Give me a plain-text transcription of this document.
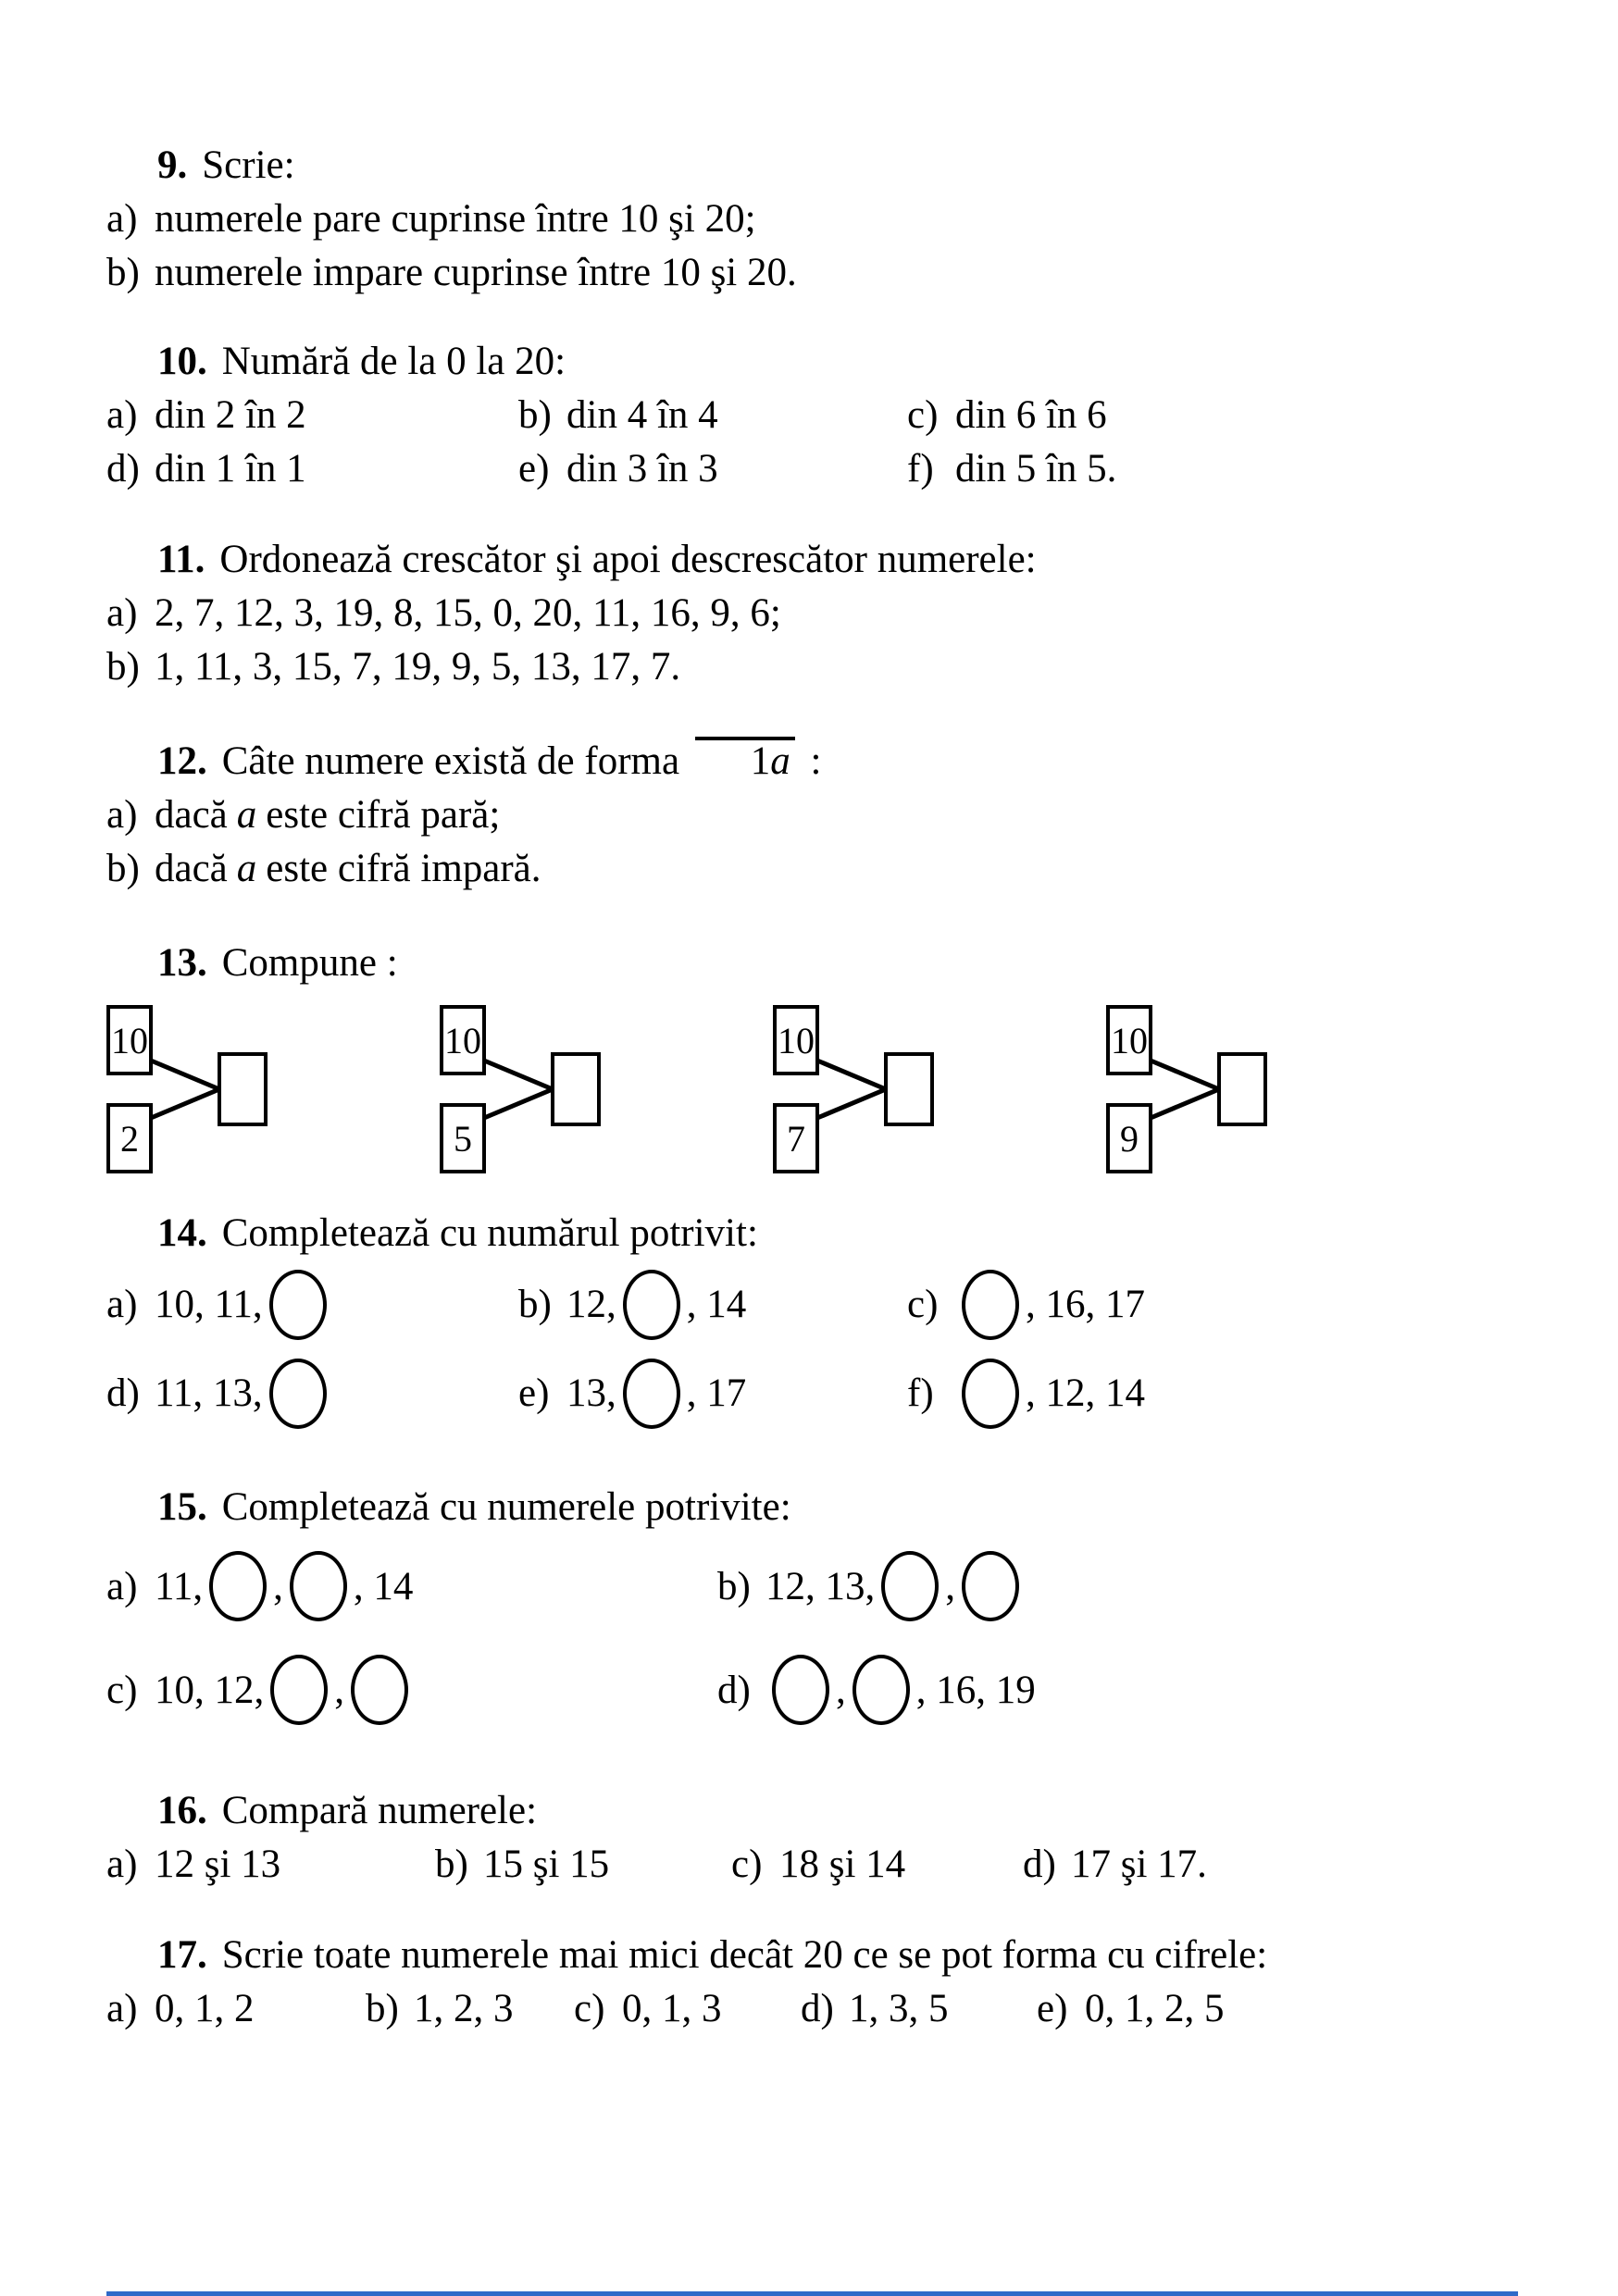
9. Scrie:
a) numerele pare cuprinse între 10 şi 20;
b) numerele impare cuprinse între 10 şi 20.
10. Numără de la 0 la 20:
a) din 2 în 2	b) din 4 în 4	c) din 6 în 6
d) din 1 în 1	e) din 3 în 3	f) din 5 în 5.
11. Ordonează crescător şi apoi descrescător numerele:
a) 2, 7, 12, 3, 19, 8, 15, 0, 20, 11, 16, 9, 6;
b) 1, 11, 3, 15, 7, 19, 9, 5, 13, 17, 7.
12. Câte numere există de forma 1a :
a) dacă a este cifră pară;
b) dacă a este cifră impară.
13. Compune :
10
2
10
5
10
7
10
9
14. Completează cu numărul potrivit:
a) 10, 11,	b) 12, , 14	c)	, 16, 17
d) 11, 13,	e) 13, , 17	f)	, 12, 14
15. Completează cu numerele potrivite:
a) 11, , , 14	b) 12, 13, ,
c) 10, 12, ,	d)	, , 16, 19
16. Compară numerele:
a) 12 şi 13	b) 15 şi 15	c) 18 şi 14	d) 17 şi 17.
17. Scrie toate numerele mai mici decât 20 ce se pot forma cu cifrele:
a) 0, 1, 2	b) 1, 2, 3 c) 0, 1, 3 d) 1, 3, 5 e) 0, 1, 2, 5
